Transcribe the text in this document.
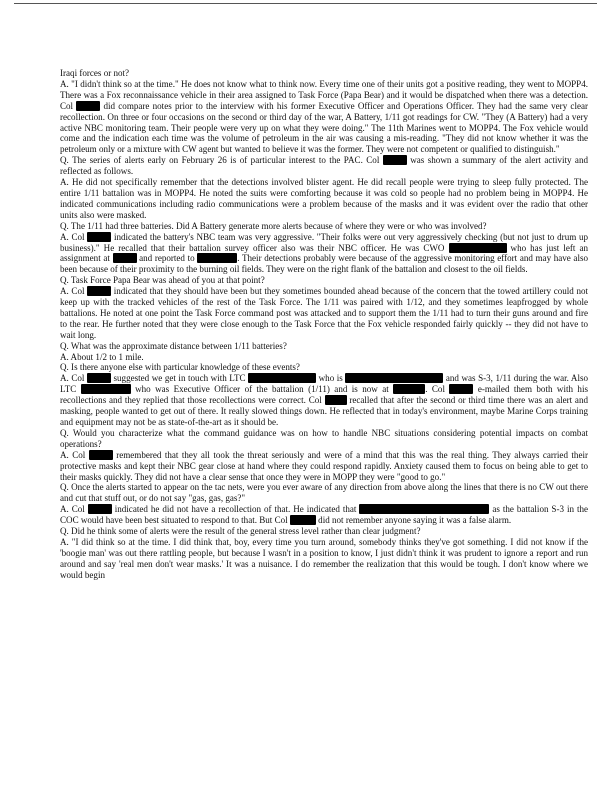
Iraqi forces or not?

A. "I didn't think so at the time." He does not know what to think now. Every time one of their units got a positive reading, they went to MOPP4. There was a Fox reconnaissance vehicle in their area assigned to Task Force (Papa Bear) and it would be dispatched when there was a detection. Col	did compare notes prior to the interview with his former Executive Officer and Operations Officer. They had the same very clear recollection. On three or four occasions on the second or third day of the war, A Battery, 1/11 got readings for CW. "They (A Battery) had a very active NBC monitoring team. Their people were very up on what they were doing." The 11th Marines went to MOPP4. The Fox vehicle would come and the indication each time was the volume of petroleum in the air was causing a mis-reading. "They did not know whether it was the petroleum only or a mixture with CW agent but wanted to believe it was the former. They were not competent or qualified to distinguish."

Q. The series of alerts early on February 26 is of particular interest to the PAC. Col	was shown a summary of the alert activity and reflected as follows.

A. He did not specifically remember that the detections involved blister agent. He did recall people were trying to sleep fully protected. The entire 1/11 battalion was in MOPP4. He noted the suits were comforting because it was cold so people had no problem being in MOPP4. He indicated communications including radio communications were a problem because of the masks and it was evident over the radio that other units also were masked.

Q. The 1/11 had three batteries. Did A Battery generate more alerts because of where they were or who was involved?

A. Col	indicated the battery's NBC team was very aggressive. "Their folks were out very aggressively checking (but not just to drum up business)." He recalled that their battalion survey officer also was their NBC officer. He was CWO	who has just left an assignment at	and reported to	. Their detections probably were because of the aggressive monitoring effort and may have also been because of their proximity to the burning oil fields. They were on the right flank of the battalion and closest to the oil fields.

Q. Task Force Papa Bear was ahead of you at that point?

A. Col	indicated that they should have been but they sometimes bounded ahead because of the concern that the towed artillery could not keep up with the tracked vehicles of the rest of the Task Force. The 1/11 was paired with 1/12, and they sometimes leapfrogged by whole battalions. He noted at one point the Task Force command post was attacked and to support them the 1/11 had to turn their guns around and fire to the rear. He further noted that they were close enough to the Task Force that the Fox vehicle responded fairly quickly -- they did not have to wait long.

Q. What was the approximate distance between 1/11 batteries?

A. About 1/2 to 1 mile.

Q. Is there anyone else with particular knowledge of these events?

A. Col	suggested we get in touch with LTC	who is	and was S-3, 1/11 during the war. Also LTC	who was Executive Officer of the battalion (1/11) and is now at	. Col	e-mailed them both with his recollections and they replied that those recollections were correct. Col  recalled that after the second or third time there was an alert and masking, people wanted to get out of there. It really slowed things down. He reflected that in today's environment, maybe Marine Corps training and equipment may not be as state-of-the-art as it should be.

Q. Would you characterize what the command guidance was on how to handle NBC situations considering potential impacts on combat operations?

A. Col	remembered that they all took the threat seriously and were of a mind that this was the real thing. They always carried their protective masks and kept their NBC gear close at hand where they could respond rapidly. Anxiety caused them to focus on being able to get to their masks quickly. They did not have a clear sense that once they were in MOPP they were "good to go."

Q. Once the alerts started to appear on the tac nets, were you ever aware of any direction from above along the lines that there is no CW out there and cut that stuff out, or do not say "gas, gas, gas?"

A. Col	indicated he did not have a recollection of that. He indicated that	as the battalion S-3 in the COC would have been best situated to respond to that. But Col	did not remember anyone saying it was a false alarm.

Q. Did he think some of alerts were the result of the general stress level rather than clear judgment?

A. "I did think so at the time. I did think that, boy, every time you turn around, somebody thinks they've got something. I did not know if the 'boogie man' was out there rattling people, but because I wasn't in a position to know, I just didn't think it was prudent to ignore a report and run around and say 'real men don't wear masks.' It was a nuisance. I do remember the realization that this would be tough. I don't know where we would begin
